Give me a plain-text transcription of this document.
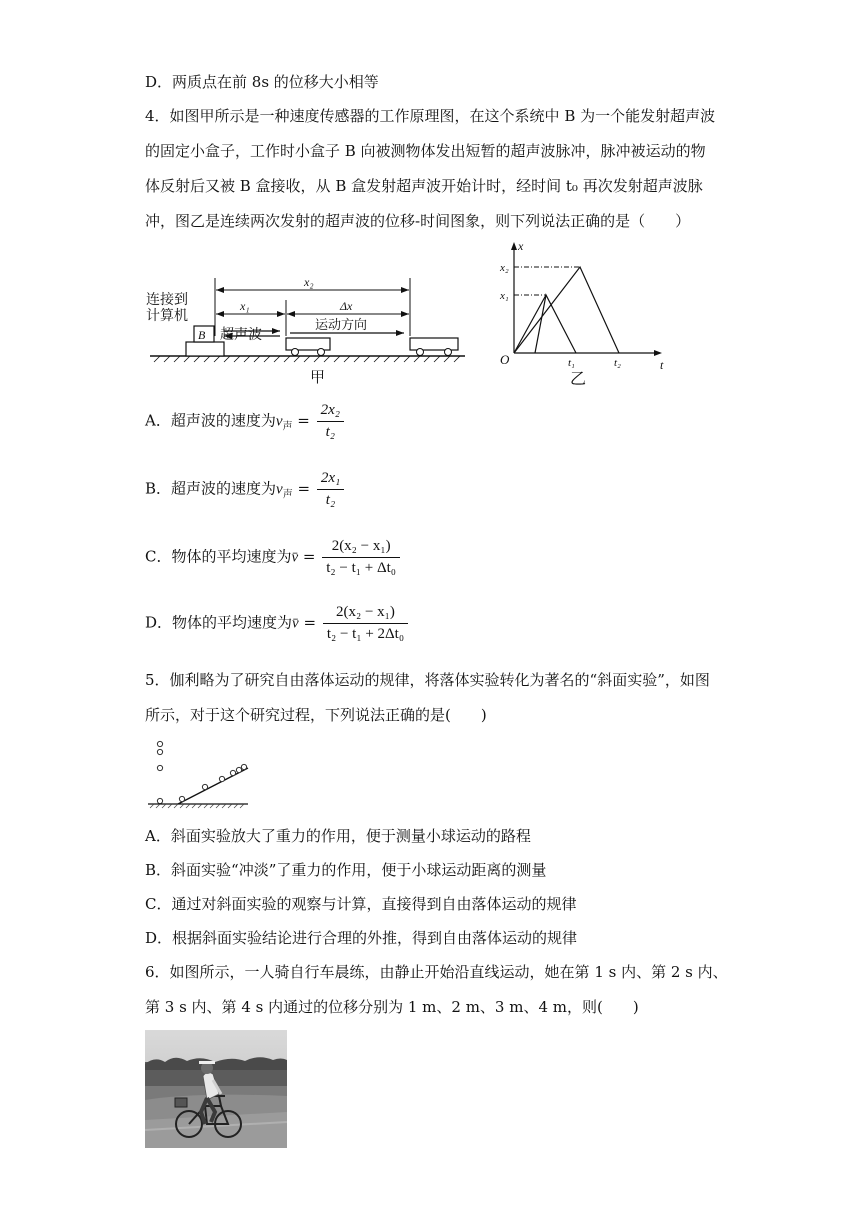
D．两质点在前 8s 的位移大小相等
4．如图甲所示是一种速度传感器的工作原理图，在这个系统中 B 为一个能发射超声波
的固定小盒子，工作时小盒子 B 向被测物体发出短暂的超声波脉冲，脉冲被运动的物
体反射后又被 B 盒接收，从 B 盒发射超声波开始计时，经时间 t₀ 再次发射超声波脉
冲，图乙是连续两次发射的超声波的位移-时间图象，则下列说法正确的是（　　）
连接到
计算机
B 超声波
运动方向
x₁
x₂
Δx
甲
x
t
O
x₂
x₁
t₁	t₂
乙
A．超声波的速度为$v_声 = \frac{\text{2x₂}}{\text{t₂}}$
B．超声波的速度为$v_声 = \frac{\text{2x₁}}{\text{t₂}}$
C．物体的平均速度为v̄ = $\frac{\text{2(x₂ − x₁)}}{\text{t₂ − t₁ + Δt₀}}$
D．物体的平均速度为v̄ = $\frac{\text{2(x₂ − x₁)}}{\text{t₂ − t₁ + 2Δt₀}}$
5．伽利略为了研究自由落体运动的规律，将落体实验转化为著名的“斜面实验”，如图
所示，对于这个研究过程，下列说法正确的是(　　)
A．斜面实验放大了重力的作用，便于测量小球运动的路程
B．斜面实验“冲淡”了重力的作用，便于小球运动距离的测量
C．通过对斜面实验的观察与计算，直接得到自由落体运动的规律
D．根据斜面实验结论进行合理的外推，得到自由落体运动的规律
6．如图所示，一人骑自行车晨练，由静止开始沿直线运动，她在第 1 s 内、第 2 s 内、
第 3 s 内、第 4 s 内通过的位移分别为 1 m、2 m、3 m、4 m，则(　　)
